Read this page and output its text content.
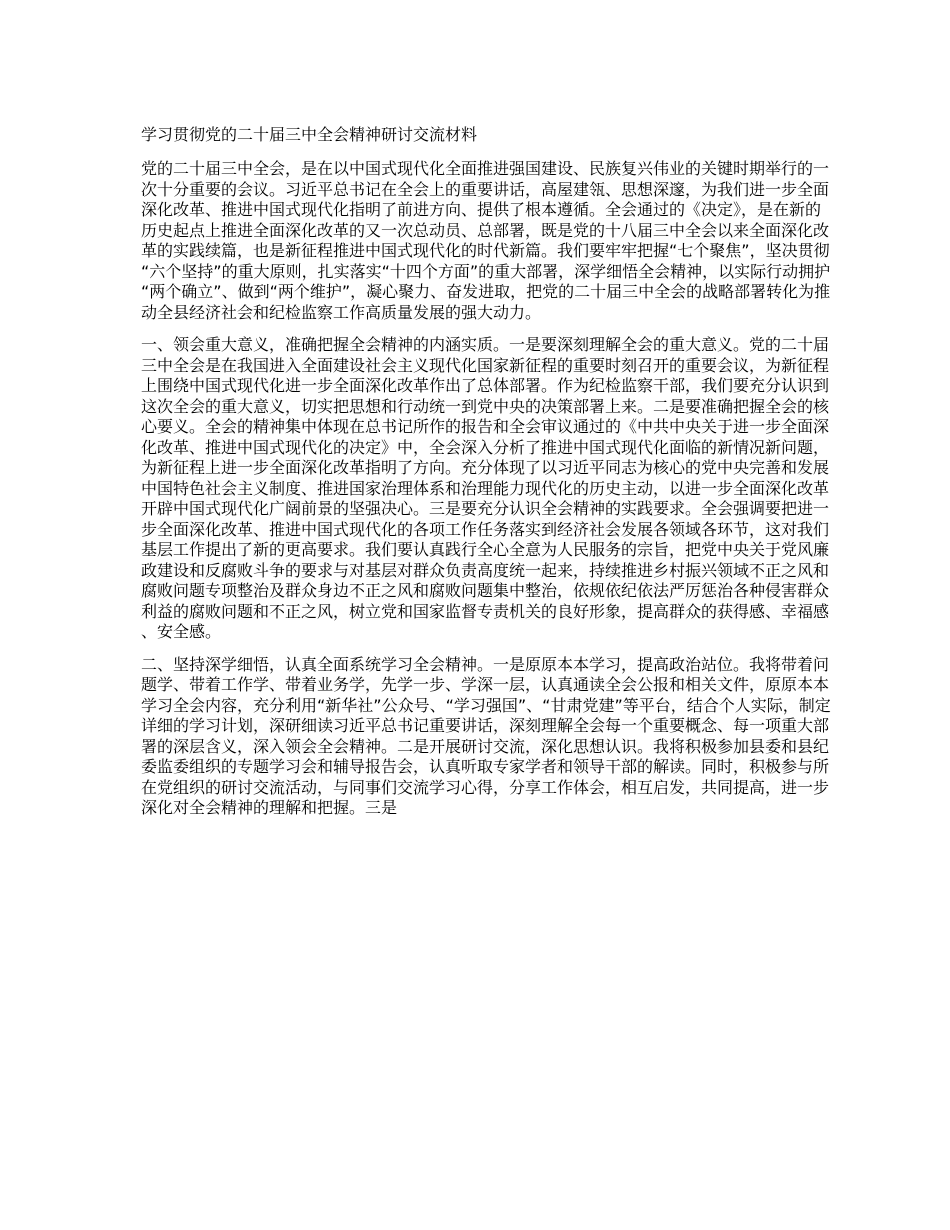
学习贯彻党的二十届三中全会精神研讨交流材料

党的二十届三中全会，是在以中国式现代化全面推进强国建设、民族复兴伟业的关键时期举行的一次十分重要的会议。习近平总书记在全会上的重要讲话，高屋建瓴、思想深邃，为我们进一步全面深化改革、推进中国式现代化指明了前进方向、提供了根本遵循。全会通过的《决定》，是在新的历史起点上推进全面深化改革的又一次总动员、总部署，既是党的十八届三中全会以来全面深化改革的实践续篇，也是新征程推进中国式现代化的时代新篇。我们要牢牢把握“七个聚焦”，坚决贯彻“六个坚持”的重大原则，扎实落实“十四个方面”的重大部署，深学细悟全会精神，以实际行动拥护“两个确立”、做到“两个维护”，凝心聚力、奋发进取，把党的二十届三中全会的战略部署转化为推动全县经济社会和纪检监察工作高质量发展的强大动力。

一、领会重大意义，准确把握全会精神的内涵实质。一是要深刻理解全会的重大意义。党的二十届三中全会是在我国进入全面建设社会主义现代化国家新征程的重要时刻召开的重要会议，为新征程上围绕中国式现代化进一步全面深化改革作出了总体部署。作为纪检监察干部，我们要充分认识到这次全会的重大意义，切实把思想和行动统一到党中央的决策部署上来。二是要准确把握全会的核心要义。全会的精神集中体现在总书记所作的报告和全会审议通过的《中共中央关于进一步全面深化改革、推进中国式现代化的决定》中，全会深入分析了推进中国式现代化面临的新情况新问题，为新征程上进一步全面深化改革指明了方向。充分体现了以习近平同志为核心的党中央完善和发展中国特色社会主义制度、推进国家治理体系和治理能力现代化的历史主动，以进一步全面深化改革开辟中国式现代化广阔前景的坚强决心。三是要充分认识全会精神的实践要求。全会强调要把进一步全面深化改革、推进中国式现代化的各项工作任务落实到经济社会发展各领域各环节，这对我们基层工作提出了新的更高要求。我们要认真践行全心全意为人民服务的宗旨，把党中央关于党风廉政建设和反腐败斗争的要求与对基层对群众负责高度统一起来，持续推进乡村振兴领域不正之风和腐败问题专项整治及群众身边不正之风和腐败问题集中整治，依规依纪依法严厉惩治各种侵害群众利益的腐败问题和不正之风，树立党和国家监督专责机关的良好形象，提高群众的获得感、幸福感、安全感。

二、坚持深学细悟，认真全面系统学习全会精神。一是原原本本学习，提高政治站位。我将带着问题学、带着工作学、带着业务学，先学一步、学深一层，认真通读全会公报和相关文件，原原本本学习全会内容，充分利用“新华社”公众号、“学习强国”、“甘肃党建”等平台，结合个人实际，制定详细的学习计划，深研细读习近平总书记重要讲话，深刻理解全会每一个重要概念、每一项重大部署的深层含义，深入领会全会精神。二是开展研讨交流，深化思想认识。我将积极参加县委和县纪委监委组织的专题学习会和辅导报告会，认真听取专家学者和领导干部的解读。同时，积极参与所在党组织的研讨交流活动，与同事们交流学习心得，分享工作体会，相互启发，共同提高，进一步深化对全会精神的理解和把握。三是
